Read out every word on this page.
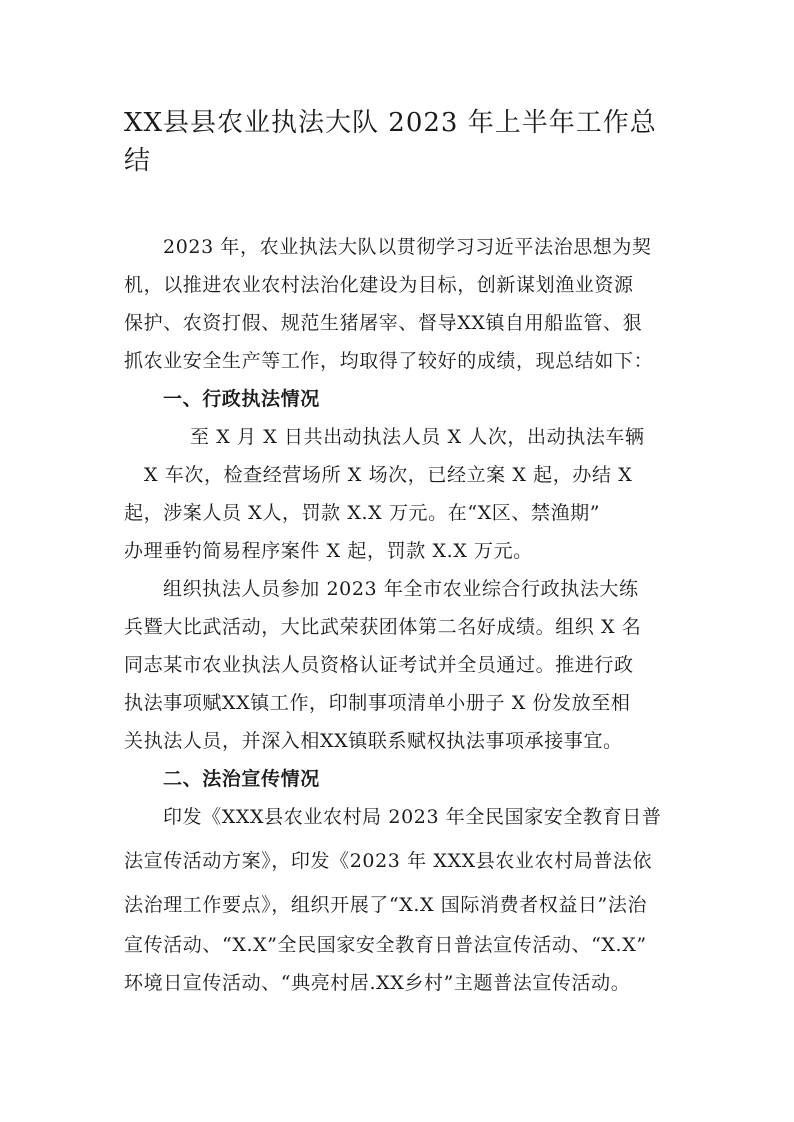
XX县县农业执法大队 2023 年上半年工作总
结

2023 年，农业执法大队以贯彻学习习近平法治思想为契

机，以推进农业农村法治化建设为目标，创新谋划渔业资源

保护、农资打假、规范生猪屠宰、督导XX镇自用船监管、狠

抓农业安全生产等工作，均取得了较好的成绩，现总结如下：

一、行政执法情况

至 X 月 X 日共出动执法人员 X 人次，出动执法车辆

X 车次，检查经营场所 X 场次，已经立案 X 起，办结 X

起，涉案人员 X人，罚款 X.X 万元。在“X区、禁渔期”

办理垂钓简易程序案件 X 起，罚款 X.X 万元。

组织执法人员参加 2023 年全市农业综合行政执法大练

兵暨大比武活动，大比武荣获团体第二名好成绩。组织 X 名

同志某市农业执法人员资格认证考试并全员通过。推进行政

执法事项赋XX镇工作，印制事项清单小册子 X 份发放至相

关执法人员，并深入相XX镇联系赋权执法事项承接事宜。

二、法治宣传情况

印发《XXX县农业农村局 2023 年全民国家安全教育日普

法宣传活动方案》，印发《2023 年 XXX县农业农村局普法依

法治理工作要点》，组织开展了“X.X 国际消费者权益日”法治

宣传活动、“X.X”全民国家安全教育日普法宣传活动、“X.X”

环境日宣传活动、“典亮村居.XX乡村”主题普法宣传活动。
